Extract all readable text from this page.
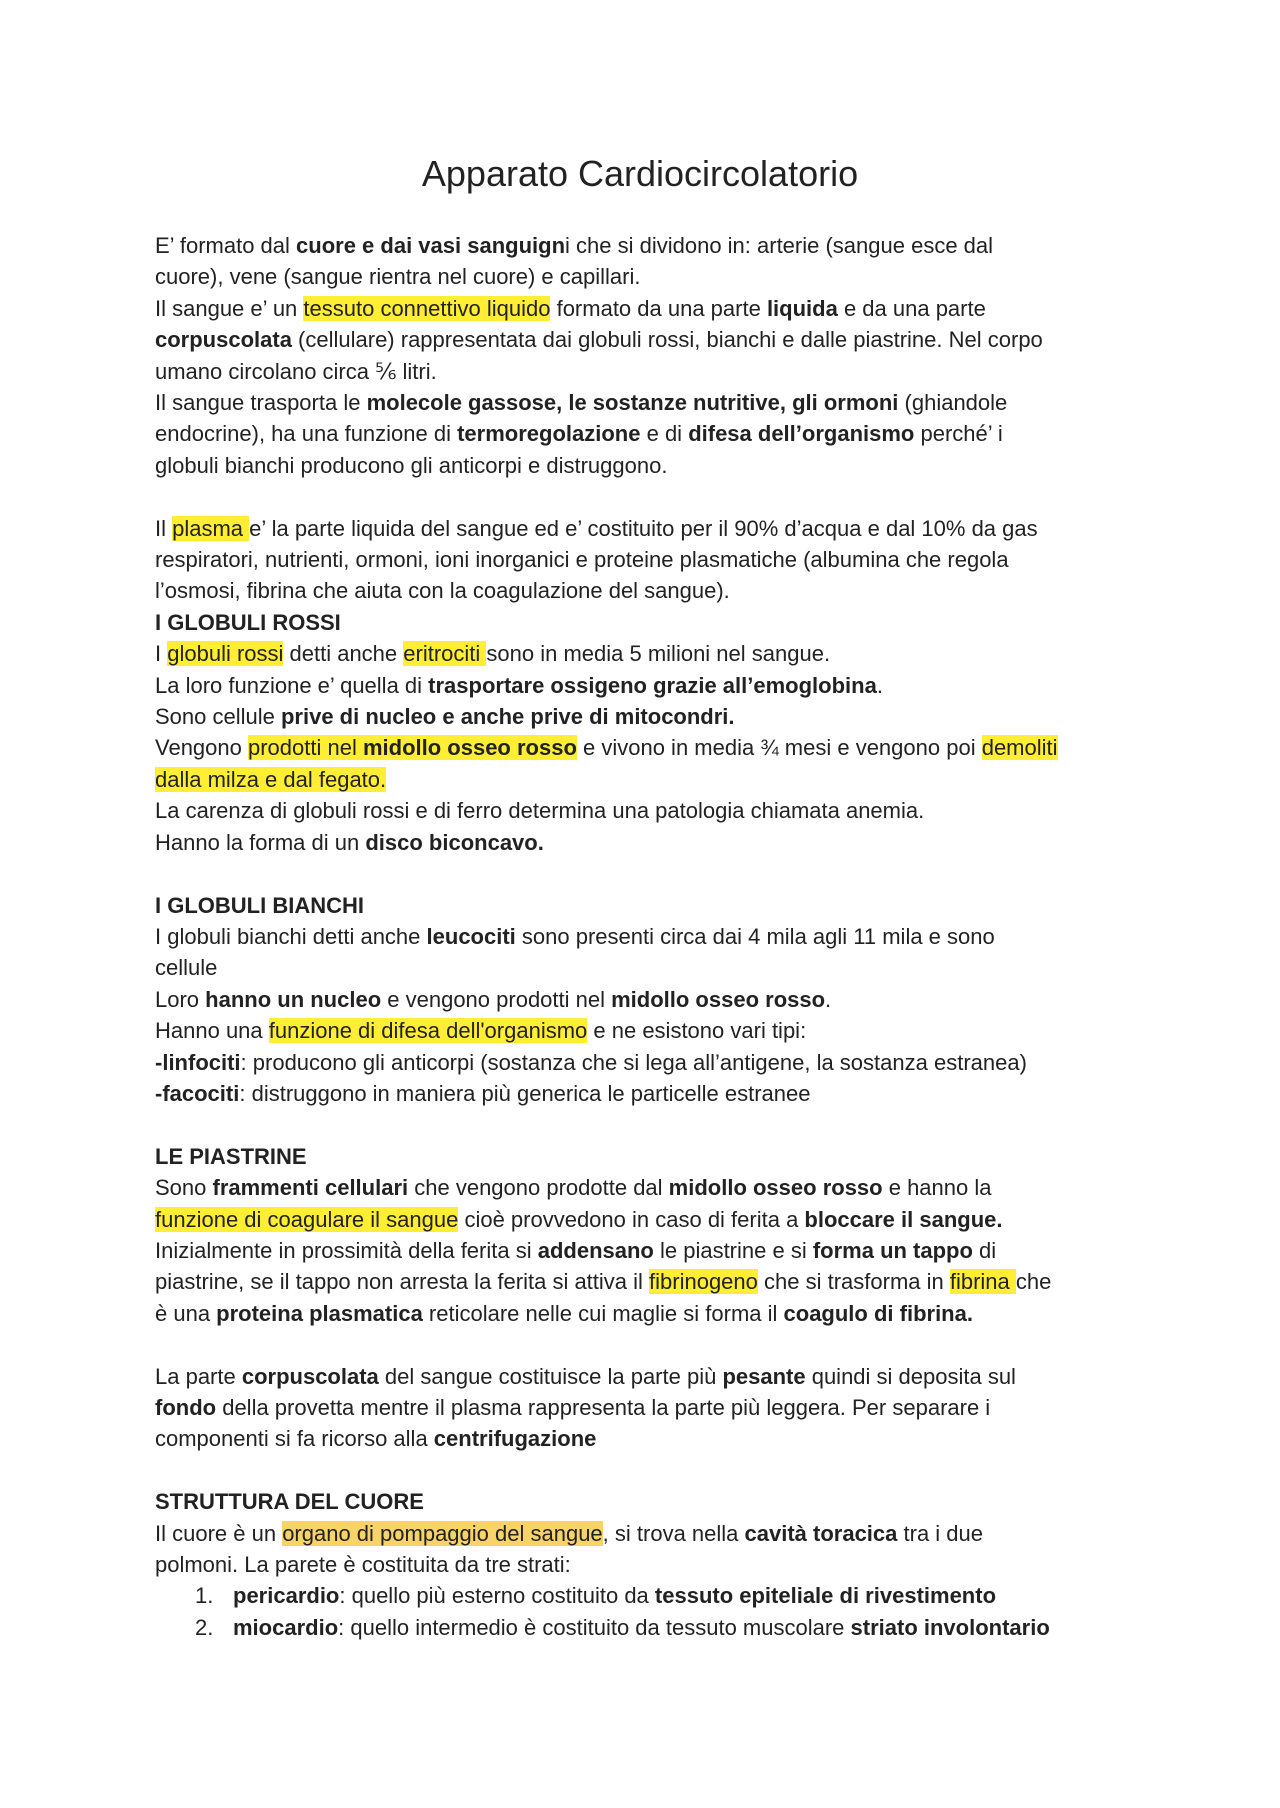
Apparato Cardiocircolatorio

E’ formato dal cuore e dai vasi sanguigni che si dividono in: arterie (sangue esce dal
cuore), vene (sangue rientra nel cuore) e capillari.
Il sangue e’ un tessuto connettivo liquido formato da una parte liquida e da una parte
corpuscolata (cellulare) rappresentata dai globuli rossi, bianchi e dalle piastrine. Nel corpo
umano circolano circa ⅚ litri.
Il sangue trasporta le molecole gassose, le sostanze nutritive, gli ormoni (ghiandole
endocrine), ha una funzione di termoregolazione e di difesa dell’organismo perché’ i
globuli bianchi producono gli anticorpi e distruggono.

Il plasma e’ la parte liquida del sangue ed e’ costituito per il 90% d’acqua e dal 10% da gas
respiratori, nutrienti, ormoni, ioni inorganici e proteine plasmatiche (albumina che regola
l’osmosi, fibrina che aiuta con la coagulazione del sangue).

I GLOBULI ROSSI

I globuli rossi detti anche eritrociti sono in media 5 milioni nel sangue.
La loro funzione e’ quella di trasportare ossigeno grazie all’emoglobina.
Sono cellule prive di nucleo e anche prive di mitocondri.
Vengono prodotti nel midollo osseo rosso e vivono in media ¾ mesi e vengono poi demoliti
dalla milza e dal fegato.
La carenza di globuli rossi e di ferro determina una patologia chiamata anemia.
Hanno la forma di un disco biconcavo.

I GLOBULI BIANCHI

I globuli bianchi detti anche leucociti sono presenti circa dai 4 mila agli 11 mila e sono
cellule
Loro hanno un nucleo e vengono prodotti nel midollo osseo rosso.
Hanno una funzione di difesa dell'organismo e ne esistono vari tipi:
-linfociti: producono gli anticorpi (sostanza che si lega all’antigene, la sostanza estranea)
-facociti: distruggono in maniera più generica le particelle estranee

LE PIASTRINE

Sono frammenti cellulari che vengono prodotte dal midollo osseo rosso e hanno la
funzione di coagulare il sangue cioè provvedono in caso di ferita a bloccare il sangue.
Inizialmente in prossimità della ferita si addensano le piastrine e si forma un tappo di
piastrine, se il tappo non arresta la ferita si attiva il fibrinogeno che si trasforma in fibrina che
è una proteina plasmatica reticolare nelle cui maglie si forma il coagulo di fibrina.

La parte corpuscolata del sangue costituisce la parte più pesante quindi si deposita sul
fondo della provetta mentre il plasma rappresenta la parte più leggera. Per separare i
componenti si fa ricorso alla centrifugazione

STRUTTURA DEL CUORE

Il cuore è un organo di pompaggio del sangue, si trova nella cavità toracica tra i due
polmoni. La parete è costituita da tre strati:

1. pericardio: quello più esterno costituito da tessuto epiteliale di rivestimento
2. miocardio: quello intermedio è costituito da tessuto muscolare striato involontario
